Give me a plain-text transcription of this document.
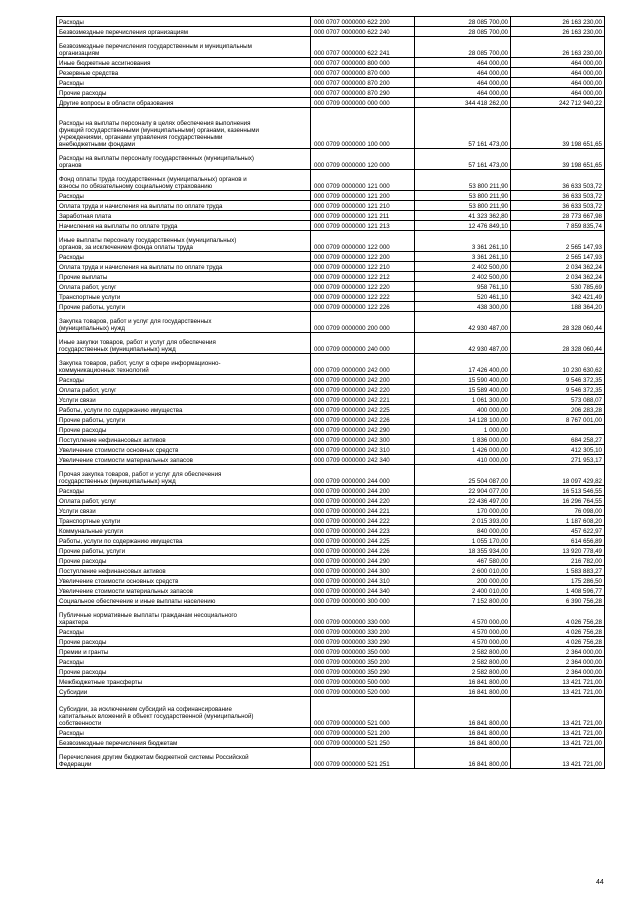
Расходы	000 0707 0000000 622 200	28 085 700,00	26 163 230,00
Безвозмездные перечисления организациям	000 0707 0000000 622 240	28 085 700,00	26 163 230,00
Безвозмездные перечисления государственным и муниципальным
организациям	000 0707 0000000 622 241	28 085 700,00	26 163 230,00
Иные бюджетные ассигнования	000 0707 0000000 800 000	464 000,00	464 000,00
Резервные средства	000 0707 0000000 870 000	464 000,00	464 000,00
Расходы	000 0707 0000000 870 200	464 000,00	464 000,00
Прочие расходы	000 0707 0000000 870 290	464 000,00	464 000,00
Другие вопросы в области образования	000 0709 0000000 000 000	344 418 262,00	242 712 940,22
Расходы на выплаты персоналу в целях обеспечения выполнения
функций государственными (муниципальными) органами, казенными
учреждениями, органами управления государственными
внебюджетными фондами	000 0709 0000000 100 000	57 161 473,00	39 198 651,65
Расходы на выплаты персоналу государственных (муниципальных)
органов	000 0709 0000000 120 000	57 161 473,00	39 198 651,65
Фонд оплаты труда государственных (муниципальных) органов и
взносы по обязательному социальному страхованию	000 0709 0000000 121 000	53 800 211,90	36 633 503,72
Расходы	000 0709 0000000 121 200	53 800 211,90	36 633 503,72
Оплата труда и начисления на выплаты по оплате труда	000 0709 0000000 121 210	53 800 211,90	36 633 503,72
Заработная плата	000 0709 0000000 121 211	41 323 362,80	28 773 667,98
Начисления на выплаты по оплате труда	000 0709 0000000 121 213	12 476 849,10	7 859 835,74
Иные выплаты персоналу государственных (муниципальных)
органов, за исключением фонда оплаты труда	000 0709 0000000 122 000	3 361 261,10	2 565 147,93
Расходы	000 0709 0000000 122 200	3 361 261,10	2 565 147,93
Оплата труда и начисления на выплаты по оплате труда	000 0709 0000000 122 210	2 402 500,00	2 034 362,24
Прочие выплаты	000 0709 0000000 122 212	2 402 500,00	2 034 362,24
Оплата работ, услуг	000 0709 0000000 122 220	958 761,10	530 785,69
Транспортные услуги	000 0709 0000000 122 222	520 461,10	342 421,49
Прочие работы, услуги	000 0709 0000000 122 226	438 300,00	188 364,20
Закупка товаров, работ и услуг для государственных
(муниципальных) нужд	000 0709 0000000 200 000	42 930 487,00	28 328 060,44
Иные закупки товаров, работ и услуг для обеспечения
государственных (муниципальных) нужд	000 0709 0000000 240 000	42 930 487,00	28 328 060,44
Закупка товаров, работ, услуг в сфере информационно-
коммуникационных технологий	000 0709 0000000 242 000	17 426 400,00	10 230 630,62
Расходы	000 0709 0000000 242 200	15 590 400,00	9 546 372,35
Оплата работ, услуг	000 0709 0000000 242 220	15 589 400,00	9 546 372,35
Услуги связи	000 0709 0000000 242 221	1 061 300,00	573 088,07
Работы, услуги по содержанию имущества	000 0709 0000000 242 225	400 000,00	206 283,28
Прочие работы, услуги	000 0709 0000000 242 226	14 128 100,00	8 767 001,00
Прочие расходы	000 0709 0000000 242 290	1 000,00	
Поступление нефинансовых активов	000 0709 0000000 242 300	1 836 000,00	684 258,27
Увеличение стоимости основных средств	000 0709 0000000 242 310	1 426 000,00	412 305,10
Увеличение стоимости материальных запасов	000 0709 0000000 242 340	410 000,00	271 953,17
Прочая закупка товаров, работ и услуг для обеспечения
государственных (муниципальных) нужд	000 0709 0000000 244 000	25 504 087,00	18 097 429,82
Расходы	000 0709 0000000 244 200	22 904 077,00	16 513 546,55
Оплата работ, услуг	000 0709 0000000 244 220	22 436 497,00	16 296 764,55
Услуги связи	000 0709 0000000 244 221	170 000,00	76 098,00
Транспортные услуги	000 0709 0000000 244 222	2 015 393,00	1 187 608,20
Коммунальные услуги	000 0709 0000000 244 223	840 000,00	457 622,97
Работы, услуги по содержанию имущества	000 0709 0000000 244 225	1 055 170,00	614 656,89
Прочие работы, услуги	000 0709 0000000 244 226	18 355 934,00	13 920 778,49
Прочие расходы	000 0709 0000000 244 290	467 580,00	216 782,00
Поступление нефинансовых активов	000 0709 0000000 244 300	2 600 010,00	1 583 883,27
Увеличение стоимости основных средств	000 0709 0000000 244 310	200 000,00	175 286,50
Увеличение стоимости материальных запасов	000 0709 0000000 244 340	2 400 010,00	1 408 596,77
Социальное обеспечение и иные выплаты населению	000 0709 0000000 300 000	7 152 800,00	6 390 756,28
Публичные нормативные выплаты гражданам несоциального
характера	000 0709 0000000 330 000	4 570 000,00	4 026 756,28
Расходы	000 0709 0000000 330 200	4 570 000,00	4 026 756,28
Прочие расходы	000 0709 0000000 330 290	4 570 000,00	4 026 756,28
Премии и гранты	000 0709 0000000 350 000	2 582 800,00	2 364 000,00
Расходы	000 0709 0000000 350 200	2 582 800,00	2 364 000,00
Прочие расходы	000 0709 0000000 350 290	2 582 800,00	2 364 000,00
Межбюджетные трансферты	000 0709 0000000 500 000	16 841 800,00	13 421 721,00
Субсидии	000 0709 0000000 520 000	16 841 800,00	13 421 721,00
Субсидии, за исключением субсидий на софинансирование
капитальных вложений в объект государственной (муниципальной)
собственности	000 0709 0000000 521 000	16 841 800,00	13 421 721,00
Расходы	000 0709 0000000 521 200	16 841 800,00	13 421 721,00
Безвозмездные перечисления бюджетам	000 0709 0000000 521 250	16 841 800,00	13 421 721,00
Перечисления другим бюджетам бюджетной системы Российской
Федерации	000 0709 0000000 521 251	16 841 800,00	13 421 721,00
44
